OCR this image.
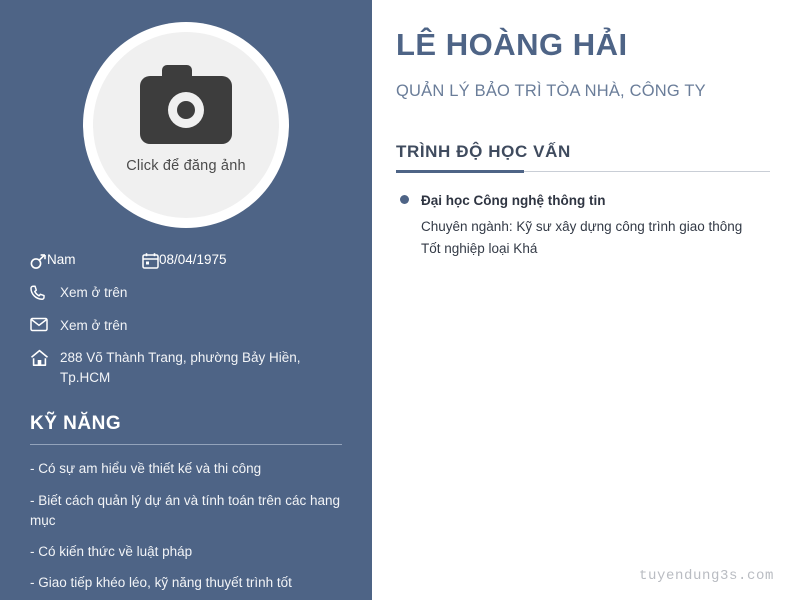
Click để đăng ảnh
Nam	08/04/1975
Xem ở trên
Xem ở trên
288 Võ Thành Trang, phường Bảy Hiền, Tp.HCM
KỸ NĂNG
- Có sự am hiểu về thiết kế và thi công
- Biết cách quản lý dự án và tính toán trên các hang mục
- Có kiến thức về luật pháp
- Giao tiếp khéo léo, kỹ năng thuyết trình tốt
LÊ HOÀNG HẢI
QUẢN LÝ BẢO TRÌ TÒA NHÀ, CÔNG TY
TRÌNH ĐỘ HỌC VẤN
Đại học Công nghệ thông tin
Chuyên ngành: Kỹ sư xây dựng công trình giao thông
Tốt nghiệp loại Khá
tuyendung3s.com
